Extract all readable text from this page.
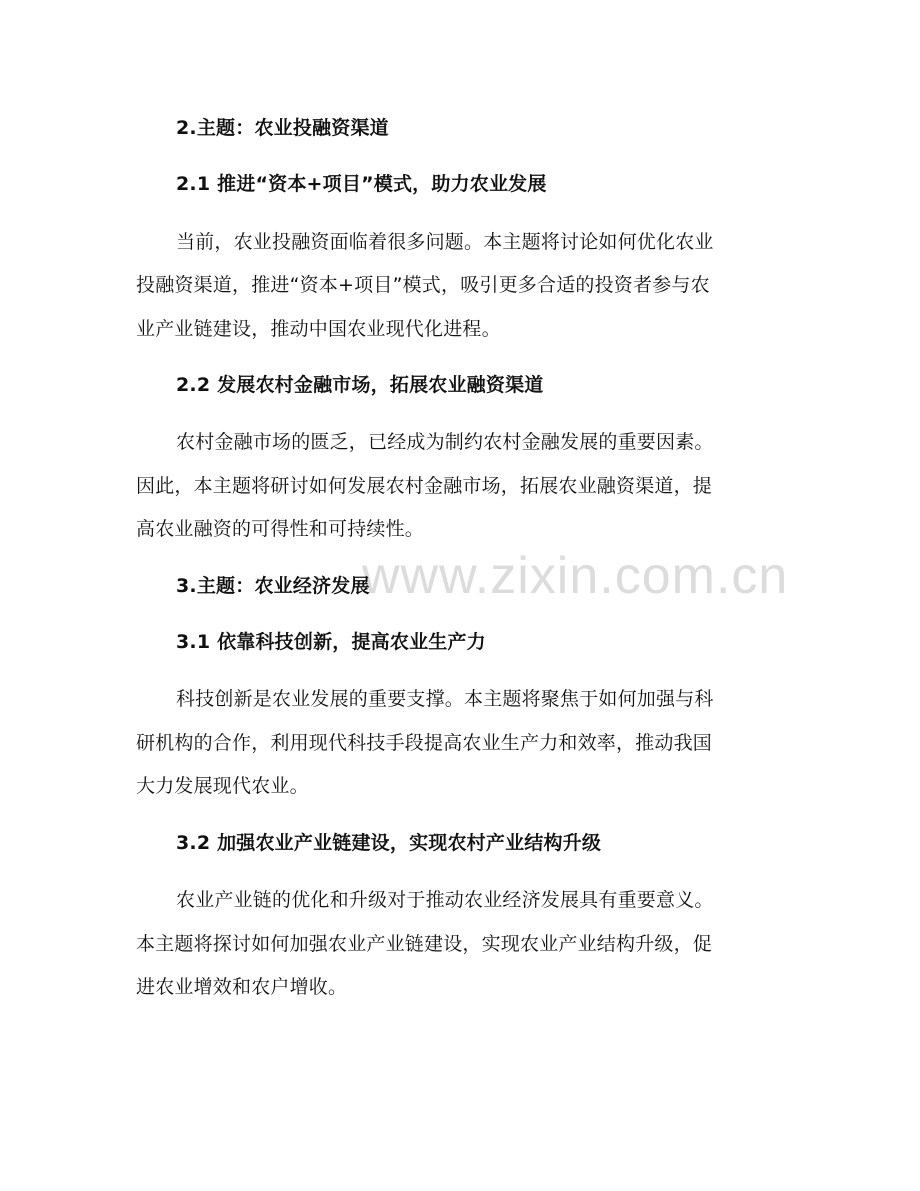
www.zixin.com.cn
2.主题：农业投融资渠道
2.1 推进“资本+项目”模式，助力农业发展
当前，农业投融资面临着很多问题。本主题将讨论如何优化农业
投融资渠道，推进“资本+项目”模式，吸引更多合适的投资者参与农
业产业链建设，推动中国农业现代化进程。
2.2 发展农村金融市场，拓展农业融资渠道
农村金融市场的匮乏，已经成为制约农村金融发展的重要因素。
因此，本主题将研讨如何发展农村金融市场，拓展农业融资渠道，提
高农业融资的可得性和可持续性。
3.主题：农业经济发展
3.1 依靠科技创新，提高农业生产力
科技创新是农业发展的重要支撑。本主题将聚焦于如何加强与科
研机构的合作，利用现代科技手段提高农业生产力和效率，推动我国
大力发展现代农业。
3.2 加强农业产业链建设，实现农村产业结构升级
农业产业链的优化和升级对于推动农业经济发展具有重要意义。
本主题将探讨如何加强农业产业链建设，实现农业产业结构升级，促
进农业增效和农户增收。
